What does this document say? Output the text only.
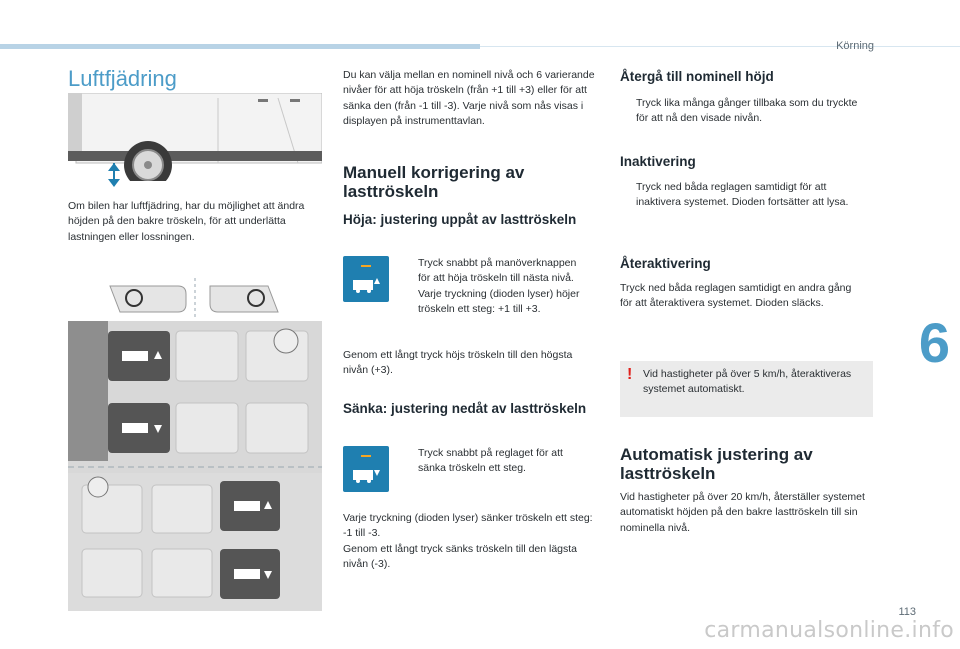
Körning
6
Luftfjädring

Om bilen har luftfjädring, har du möjlighet att ändra höjden på den bakre tröskeln, för att underlätta lastningen eller lossningen.

Du kan välja mellan en nominell nivå och 6 varierande nivåer för att höja tröskeln (från +1 till +3) eller för att sänka den (från -1 till -3). Varje nivå som nås visas i displayen på instrumenttavlan.

Manuell korrigering av lasttröskeln
Höja: justering uppåt av lasttröskeln
Tryck snabbt på manöverknappen för att höja tröskeln till nästa nivå. Varje tryckning (dioden lyser) höjer tröskeln ett steg: +1 till +3.

Genom ett långt tryck höjs tröskeln till den högsta nivån (+3).

Sänka: justering nedåt av lasttröskeln
Tryck snabbt på reglaget för att sänka tröskeln ett steg.

Varje tryckning (dioden lyser) sänker tröskeln ett steg: -1 till -3.
Genom ett långt tryck sänks tröskeln till den lägsta nivån (-3).

Återgå till nominell höjd
Tryck lika många gånger tillbaka som du tryckte för att nå den visade nivån.
Inaktivering
Tryck ned båda reglagen samtidigt för att inaktivera systemet. Dioden fortsätter att lysa.
Återaktivering

Tryck ned båda reglagen samtidigt en andra gång för att återaktivera systemet. Dioden släcks.

! Vid hastigheter på över 5 km/h, återaktiveras systemet automatiskt.

Automatisk justering av lasttröskeln

Vid hastigheter på över 20 km/h, återställer systemet automatiskt höjden på den bakre lasttröskeln till sin nominella nivå.

113
carmanualsonline.info
